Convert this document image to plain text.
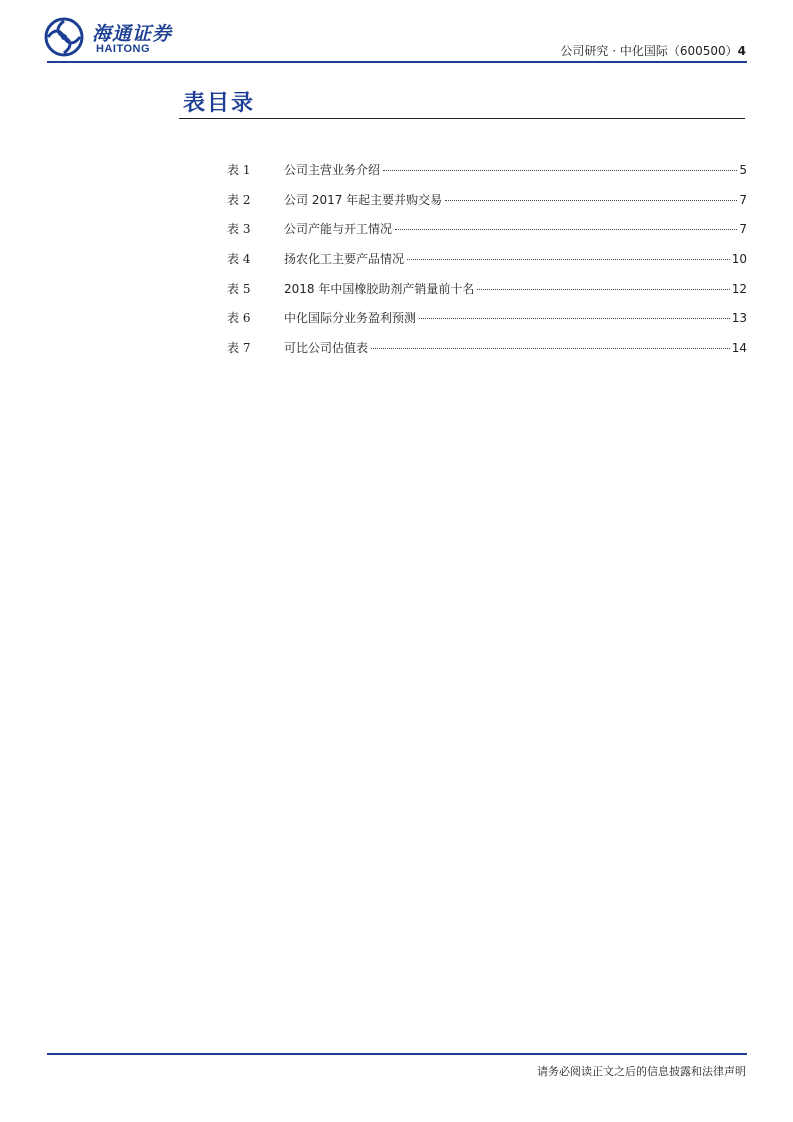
海通证券
HAITONG	公司研究 · 中化国际（600500）4
表目录
表 1	公司主营业务介绍	5
表 2	公司 2017 年起主要并购交易	7
表 3	公司产能与开工情况	7
表 4	扬农化工主要产品情况	10
表 5	2018 年中国橡胶助剂产销量前十名	12
表 6	中化国际分业务盈利预测	13
表 7	可比公司估值表	14
请务必阅读正文之后的信息披露和法律声明
